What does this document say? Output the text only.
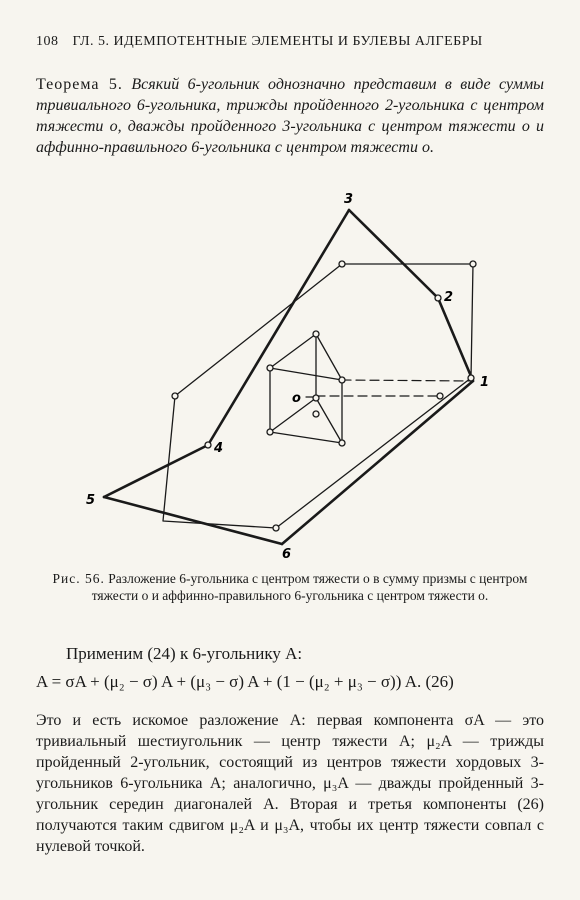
108 ГЛ. 5. ИДЕМПОТЕНТНЫЕ ЭЛЕМЕНТЫ И БУЛЕВЫ АЛГЕБРЫ
Теорема 5. Всякий 6-угольник однозначно представим в виде суммы тривиального 6-угольника, трижды пройденного 2-угольника с центром тяжести o, дважды пройденного 3-угольника с центром тяжести o и аффинно-правильного 6-угольника с центром тяжести o.
3
2
1
4
5
6
o
Рис. 56. Разложение 6-угольника с центром тяжести o в сумму призмы с центром тяжести o и аффинно-правильного 6-угольника с центром тяжести o.
Применим (24) к 6-угольнику A:
A = σA + (μ₂ − σ) A + (μ₃ − σ) A + (1 − (μ₂ + μ₃ − σ)) A. (26)
Это и есть искомое разложение A: первая компонента σA — это тривиальный шестиугольник — центр тяжести A; μ₂A — трижды пройденный 2-угольник, состоящий из центров тяжести хордовых 3-угольников 6-угольника A; аналогично, μ₃A — дважды пройденный 3-угольник середин диагоналей A. Вторая и третья компоненты (26) получаются таким сдвигом μ₂A и μ₃A, чтобы их центр тяжести совпал с нулевой точкой.
